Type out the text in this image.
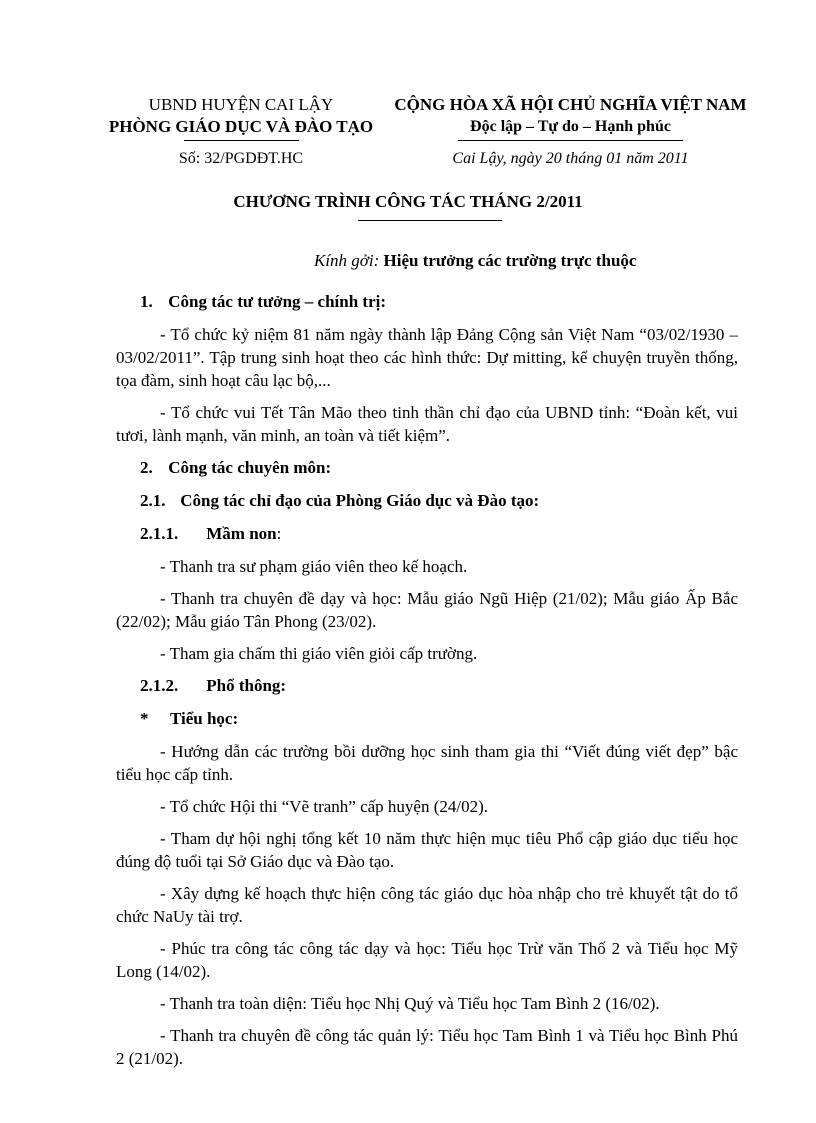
UBND HUYỆN CAI LẬY
PHÒNG GIÁO DỤC VÀ ĐÀO TẠO
CỘNG HÒA XÃ HỘI CHỦ NGHĨA VIỆT NAM
Độc lập – Tự do – Hạnh phúc
Số: 32/PGDĐT.HC	Cai Lậy, ngày 20 tháng 01 năm 2011
CHƯƠNG TRÌNH CÔNG TÁC THÁNG 2/2011
Kính gởi: Hiệu trưởng các trường trực thuộc
1. Công tác tư tưởng – chính trị:

- Tổ chức kỷ niệm 81 năm ngày thành lập Đảng Cộng sản Việt Nam “03/02/1930 –03/02/2011”. Tập trung sinh hoạt theo các hình thức: Dự mitting, kể chuyện truyền thống, tọa đàm, sinh hoạt câu lạc bộ,...

- Tổ chức vui Tết Tân Mão theo tinh thần chỉ đạo của UBND tỉnh: “Đoàn kết, vui tươi, lành mạnh, văn minh, an toàn và tiết kiệm”.

2. Công tác chuyên môn:
2.1. Công tác chỉ đạo của Phòng Giáo dục và Đào tạo:
2.1.1. Mầm non:

- Thanh tra sư phạm giáo viên theo kế hoạch.

- Thanh tra chuyên đề dạy và học: Mẫu giáo Ngũ Hiệp (21/02); Mẫu giáo Ấp Bắc (22/02); Mẫu giáo Tân Phong (23/02).

- Tham gia chấm thi giáo viên giỏi cấp trường.

2.1.2. Phổ thông:
* Tiểu học:

- Hướng dẫn các trường bồi dưỡng học sinh tham gia thi “Viết đúng viết đẹp” bậc tiểu học cấp tỉnh.

- Tổ chức Hội thi “Vẽ tranh” cấp huyện (24/02).

- Tham dự hội nghị tổng kết 10 năm thực hiện mục tiêu Phổ cập giáo dục tiểu học đúng độ tuổi tại Sở Giáo dục và Đào tạo.

- Xây dựng kế hoạch thực hiện công tác giáo dục hòa nhập cho trẻ khuyết tật do tổ chức NaUy tài trợ.

- Phúc tra công tác công tác dạy và học: Tiểu học Trừ văn Thố 2 và Tiểu học Mỹ Long (14/02).

- Thanh tra toàn diện: Tiểu học Nhị Quý và Tiểu học Tam Bình 2 (16/02).

- Thanh tra chuyên đề công tác quản lý: Tiểu học Tam Bình 1 và Tiểu học Bình Phú 2 (21/02).
